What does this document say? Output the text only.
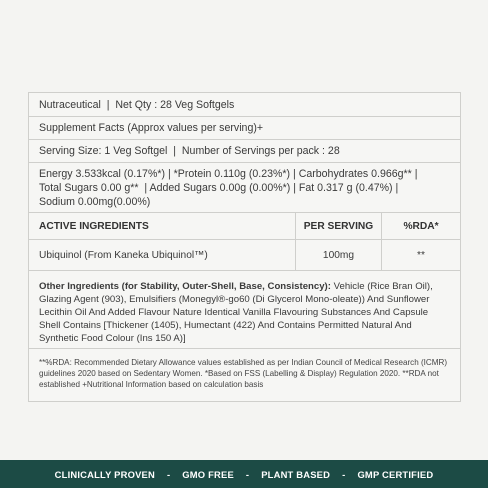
Nutraceutical  |  Net Qty : 28 Veg Softgels
Supplement Facts (Approx values per serving)+
Serving Size: 1 Veg Softgel  |  Number of Servings per pack : 28
Energy 3.533kcal (0.17%*) | *Protein 0.110g (0.23%*) | Carbohydrates 0.966g** |
Total Sugars 0.00 g**  | Added Sugars 0.00g (0.00%*) | Fat 0.317 g (0.47%) |
Sodium 0.00mg(0.00%)
ACTIVE INGREDIENTS	PER SERVING	%RDA*
Ubiquinol (From Kaneka Ubiquinol™)	100mg	**
Other Ingredients (for Stability, Outer-Shell, Base, Consistency): Vehicle (Rice Bran Oil), Glazing Agent (903), Emulsifiers (Monegyl®-go60 (Di Glycerol Mono-oleate)) And Sunflower Lecithin Oil And Added Flavour Nature Identical Vanilla Flavouring Substances And Capsule Shell Contains [Thickener (1405), Humectant (422) And Contains Permitted Natural And Synthetic Food Colour (Ins 150 A)]
**%RDA: Recommended Dietary Allowance values established as per Indian Council of Medical Research (ICMR) guidelines 2020 based on Sedentary Women. *Based on FSS (Labelling & Display) Regulation 2020. **RDA not established +Nutritional Information based on calculation basis
CLINICALLY PROVEN - GMO FREE - PLANT BASED - GMP CERTIFIED
